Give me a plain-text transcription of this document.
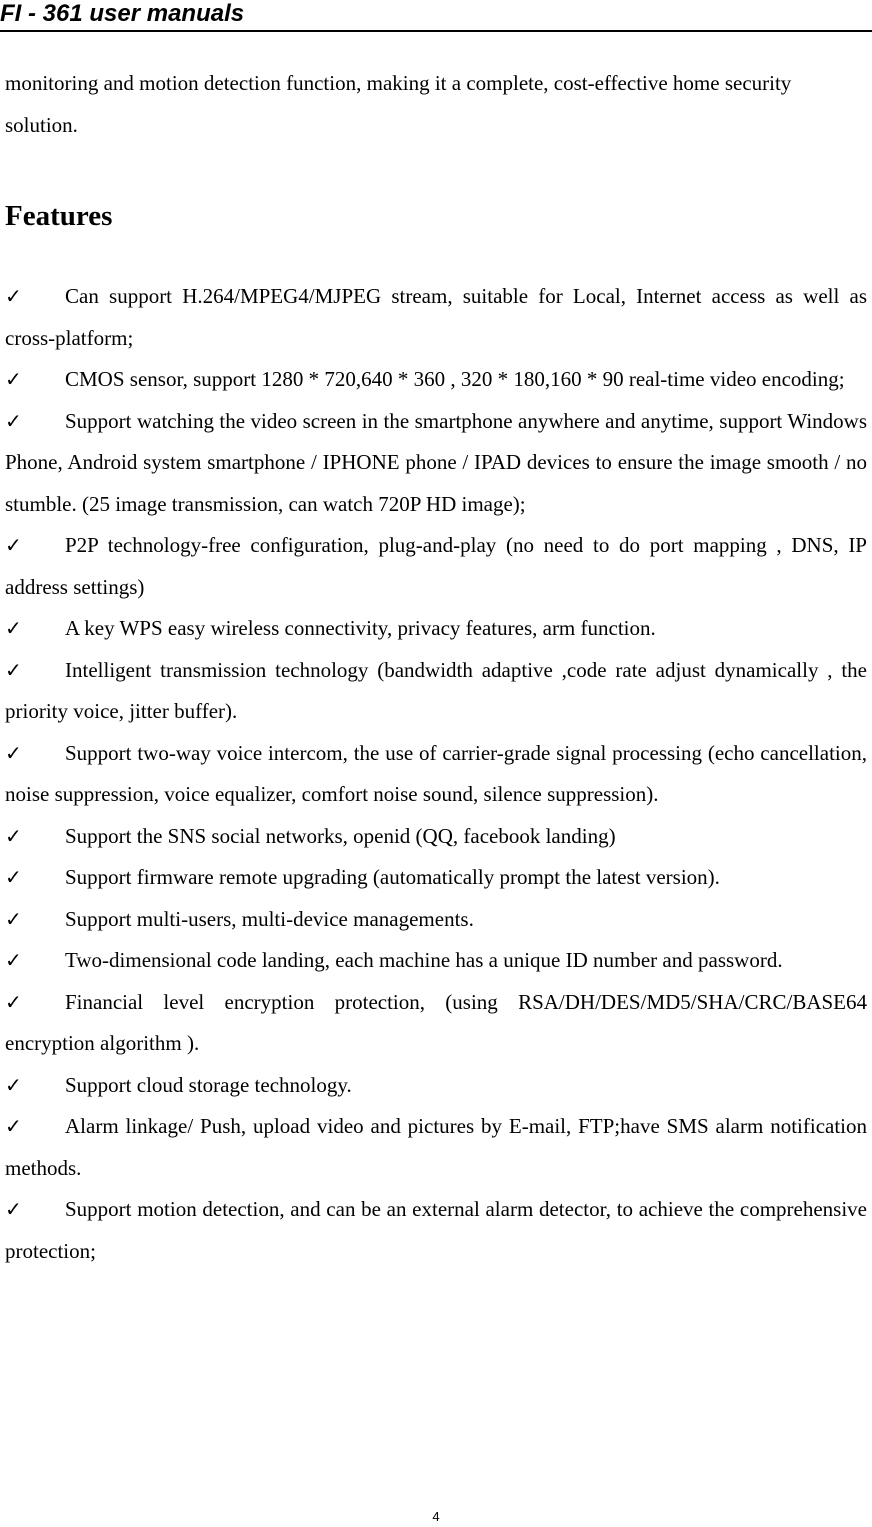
FI - 361 user manuals

monitoring and motion detection function, making it a complete, cost-effective home security solution.

Features
✓ Can support H.264/MPEG4/MJPEG stream, suitable for Local, Internet access as well as cross-platform;
✓ CMOS sensor, support 1280 * 720,640 * 360 , 320 * 180,160 * 90 real-time video encoding;
✓ Support watching the video screen in the smartphone anywhere and anytime, support Windows Phone, Android system smartphone / IPHONE phone / IPAD devices to ensure the image smooth / no stumble. (25 image transmission, can watch 720P HD image);
✓ P2P technology-free configuration, plug-and-play (no need to do port mapping , DNS, IP address settings)
✓ A key WPS easy wireless connectivity, privacy features, arm function.
✓ Intelligent transmission technology (bandwidth adaptive ,code rate adjust dynamically , the priority voice, jitter buffer).
✓ Support two-way voice intercom, the use of carrier-grade signal processing (echo cancellation, noise suppression, voice equalizer, comfort noise sound, silence suppression).
✓ Support the SNS social networks, openid (QQ, facebook landing)
✓ Support firmware remote upgrading (automatically prompt the latest version).
✓ Support multi-users, multi-device managements.
✓ Two-dimensional code landing, each machine has a unique ID number and password.
✓ Financial level encryption protection, (using RSA/DH/DES/MD5/SHA/CRC/BASE64 encryption algorithm ).
✓ Support cloud storage technology.
✓ Alarm linkage/ Push, upload video and pictures by E-mail, FTP;have SMS alarm notification methods.
✓ Support motion detection, and can be an external alarm detector, to achieve the comprehensive protection;
4
